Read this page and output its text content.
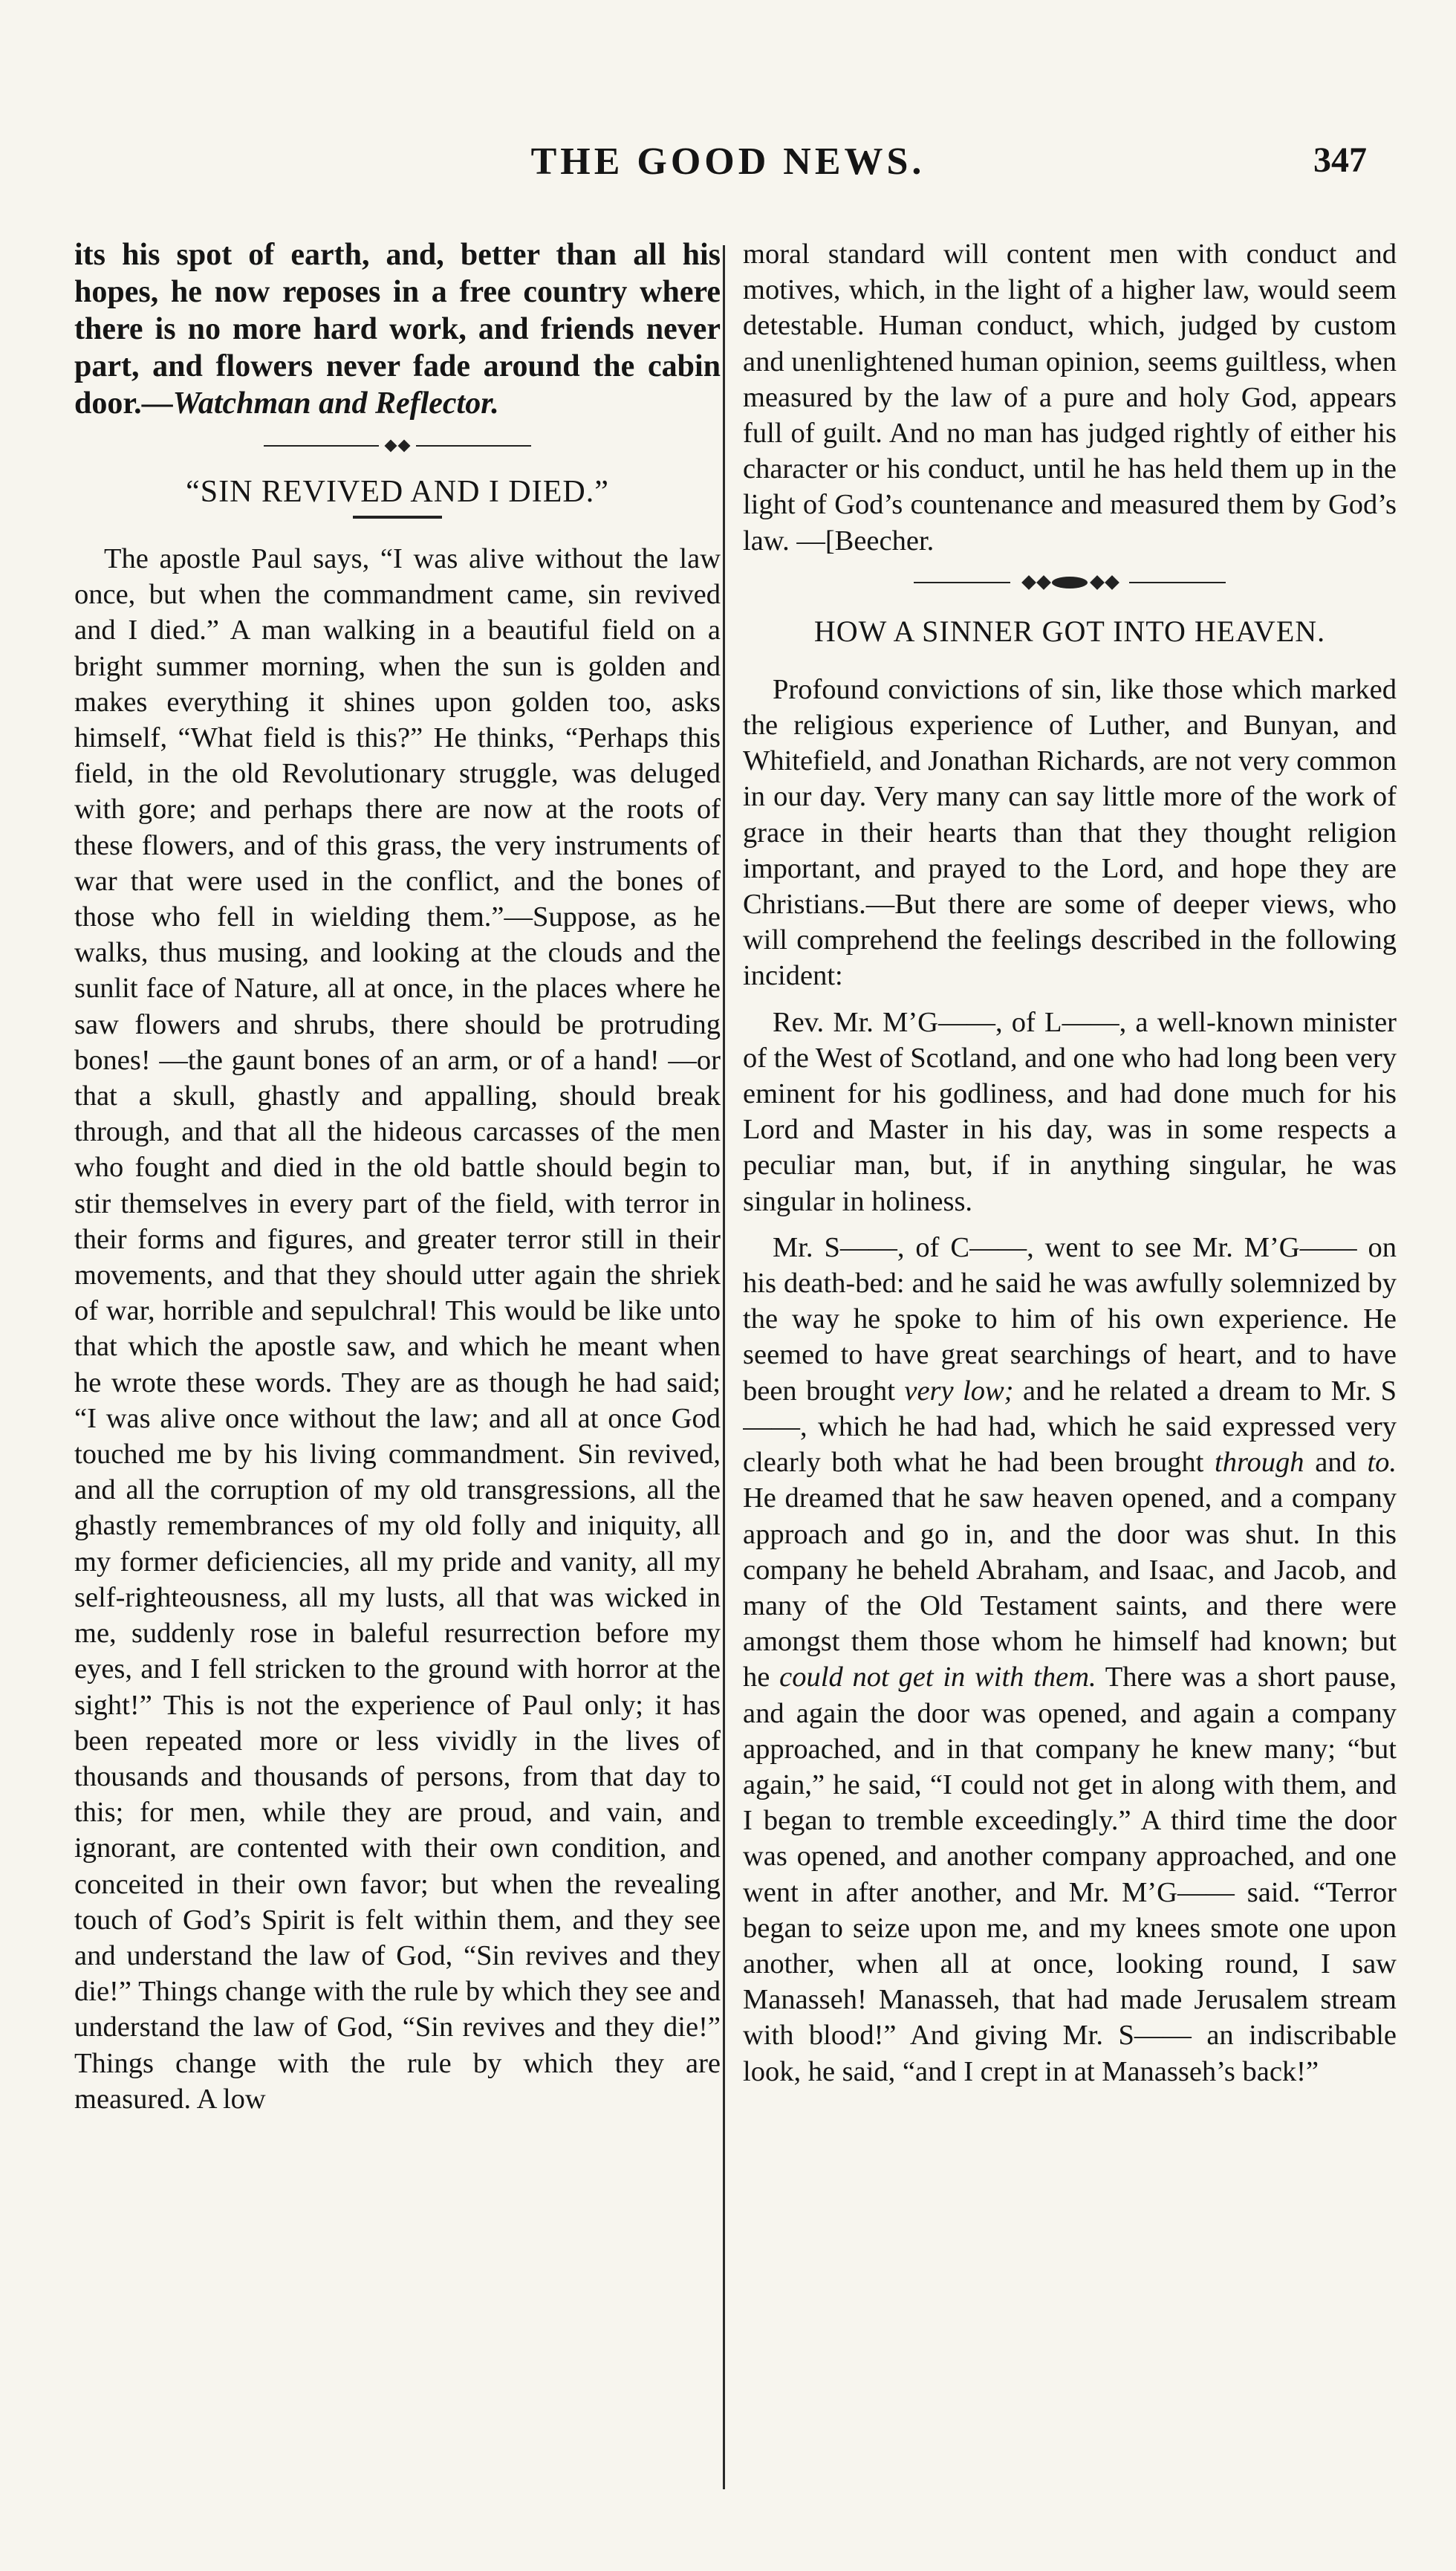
THE GOOD NEWS.	347

its his spot of earth, and, better than all his hopes, he now reposes in a free country where there is no more hard work, and friends never part, and flowers never fade around the cabin door.—Watchman and Reflector.

“SIN REVIVED AND I DIED.”

The apostle Paul says, “I was alive without the law once, but when the commandment came, sin revived and I died.” A man walking in a beautiful field on a bright summer morning, when the sun is golden and makes everything it shines upon golden too, asks himself, “What field is this?” He thinks, “Perhaps this field, in the old Revolutionary struggle, was deluged with gore; and perhaps there are now at the roots of these flowers, and of this grass, the very instruments of war that were used in the conflict, and the bones of those who fell in wielding them.”—Suppose, as he walks, thus musing, and looking at the clouds and the sunlit face of Nature, all at once, in the places where he saw flowers and shrubs, there should be protruding bones! —the gaunt bones of an arm, or of a hand! —or that a skull, ghastly and appalling, should break through, and that all the hideous carcasses of the men who fought and died in the old battle should begin to stir themselves in every part of the field, with terror in their forms and figures, and greater terror still in their movements, and that they should utter again the shriek of war, horrible and sepulchral! This would be like unto that which the apostle saw, and which he meant when he wrote these words. They are as though he had said; “I was alive once without the law; and all at once God touched me by his living commandment. Sin revived, and all the corruption of my old transgressions, all the ghastly remembrances of my old folly and iniquity, all my former deficiencies, all my pride and vanity, all my self-righteousness, all my lusts, all that was wicked in me, suddenly rose in baleful resurrection before my eyes, and I fell stricken to the ground with horror at the sight!” This is not the experience of Paul only; it has been repeated more or less vividly in the lives of thousands and thousands of persons, from that day to this; for men, while they are proud, and vain, and ignorant, are contented with their own condition, and conceited in their own favor; but when the revealing touch of God’s Spirit is felt within them, and they see and understand the law of God, “Sin revives and they die!” Things change with the rule by which they see and understand the law of God, “Sin revives and they die!” Things change with the rule by which they are measured. A low

moral standard will content men with conduct and motives, which, in the light of a higher law, would seem detestable. Human conduct, which, judged by custom and unenlightened human opinion, seems guiltless, when measured by the law of a pure and holy God, appears full of guilt. And no man has judged rightly of either his character or his conduct, until he has held them up in the light of God’s countenance and measured them by God’s law. —[Beecher.

HOW A SINNER GOT INTO HEAVEN.

Profound convictions of sin, like those which marked the religious experience of Luther, and Bunyan, and Whitefield, and Jonathan Richards, are not very common in our day. Very many can say little more of the work of grace in their hearts than that they thought religion important, and prayed to the Lord, and hope they are Christians.—But there are some of deeper views, who will comprehend the feelings described in the following incident:

Rev. Mr. M’G——, of L——, a well-known minister of the West of Scotland, and one who had long been very eminent for his godliness, and had done much for his Lord and Master in his day, was in some respects a peculiar man, but, if in anything singular, he was singular in holiness.

Mr. S——, of C——, went to see Mr. M’G—— on his death-bed: and he said he was awfully solemnized by the way he spoke to him of his own experience. He seemed to have great searchings of heart, and to have been brought very low; and he related a dream to Mr. S——, which he had had, which he said expressed very clearly both what he had been brought through and to. He dreamed that he saw heaven opened, and a company approach and go in, and the door was shut. In this company he beheld Abraham, and Isaac, and Jacob, and many of the Old Testament saints, and there were amongst them those whom he himself had known; but he could not get in with them. There was a short pause, and again the door was opened, and again a company approached, and in that company he knew many; “but again,” he said, “I could not get in along with them, and I began to tremble exceedingly.” A third time the door was opened, and another company approached, and one went in after another, and Mr. M’G—— said. “Terror began to seize upon me, and my knees smote one upon another, when all at once, looking round, I saw Manasseh! Manasseh, that had made Jerusalem stream with blood!” And giving Mr. S—— an indiscribable look, he said, “and I crept in at Manasseh’s back!”
